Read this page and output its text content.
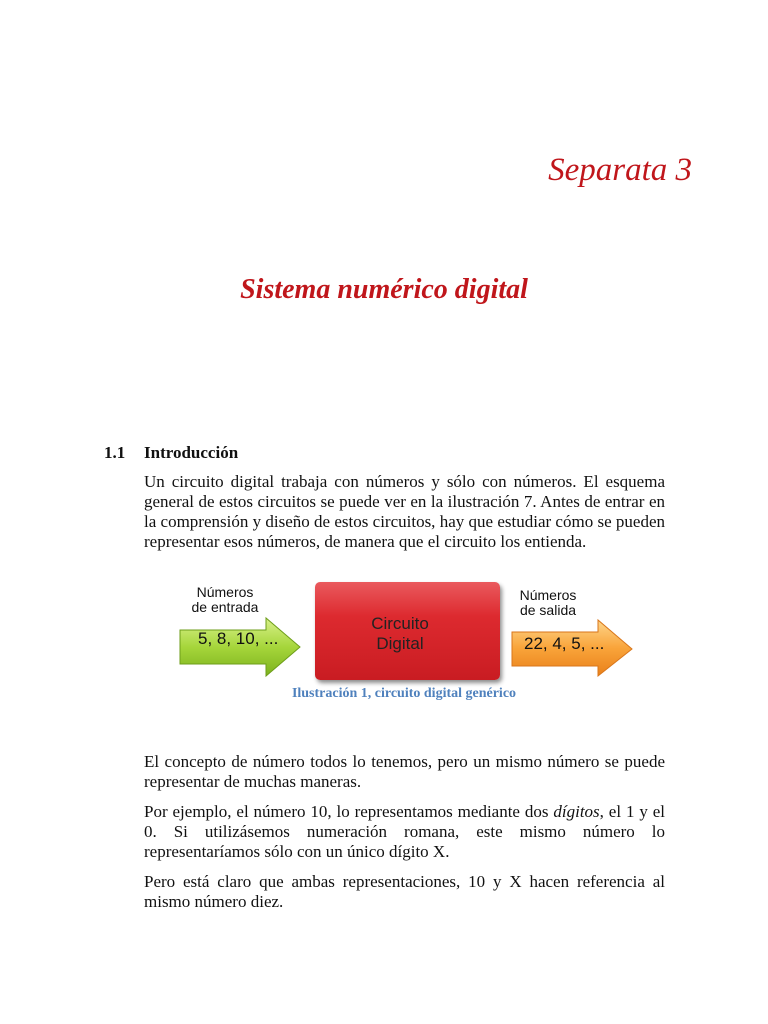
Separata 3
Sistema numérico digital
1.1 Introducción

Un circuito digital trabaja con números y sólo con números. El esquema general de estos circuitos se puede ver en la ilustración 7. Antes de entrar en la comprensión y diseño de estos circuitos, hay que estudiar cómo se pueden representar esos números, de manera que el circuito los entienda.

Números
de entrada
5, 8, 10, ...
Circuito
Digital
Números
de salida
22, 4, 5, ...

Ilustración 1, circuito digital genérico

El concepto de número todos lo tenemos, pero un mismo número se puede representar de muchas maneras.

Por ejemplo, el número 10, lo representamos mediante dos dígitos, el 1 y el 0. Si utilizásemos numeración romana, este mismo número lo representaríamos sólo con un único dígito X.

Pero está claro que ambas representaciones, 10 y X hacen referencia al mismo número diez.
